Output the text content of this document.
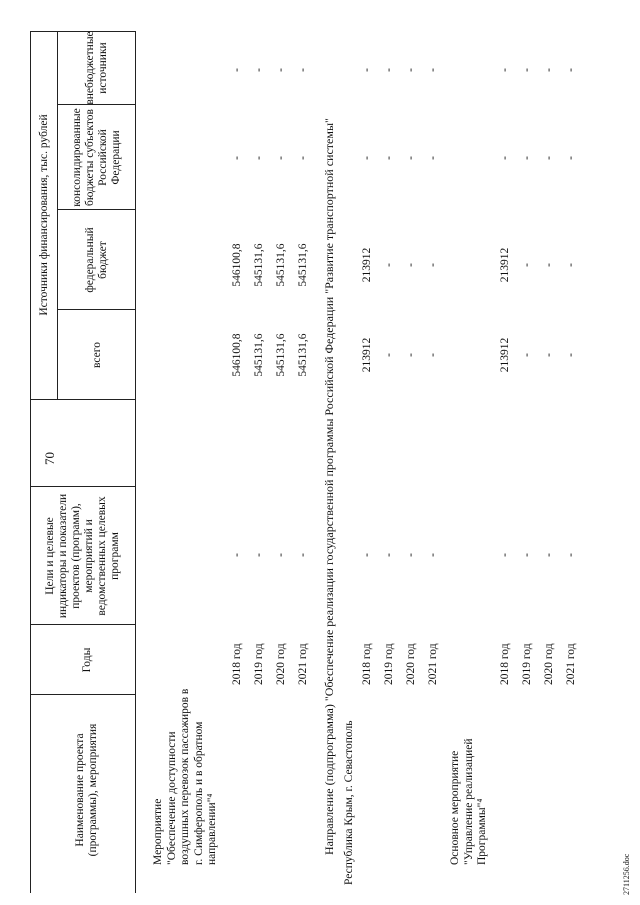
70
Наименование проекта (программы), мероприятия
Годы
Цели и целевые индикаторы и показатели проектов (программ), мероприятий и ведомственных целевых программ
Источники финансирования, тыс. рублей
всего
федеральный бюджет
консолидированные бюджеты субъектов Российской Федерации
внебюджетные источники
Мероприятие
"Обеспечение доступности
воздушных перевозок пассажиров в
г. Симферополь и в обратном
направлении"⁴
2018 год
-
546100,8
546100,8
-
-
2019 год
-
545131,6
545131,6
-
-
2020 год
-
545131,6
545131,6
-
-
2021 год
-
545131,6
545131,6
-
-
Направление (подпрограмма) "Обеспечение реализации государственной программы Российской Федерации "Развитие транспортной системы" Республика Крым, г. Севастополь
2018 год
-
213912
213912
-
-
2019 год
-
-
-
-
-
2020 год
-
-
-
-
-
2021 год
-
-
-
-
-
Основное мероприятие
"Управление реализацией
Программы"⁴
2018 год
-
213912
213912
-
-
2019 год
-
-
-
-
-
2020 год
-
-
-
-
-
2021 год
-
-
-
-
-
2711256.doc
